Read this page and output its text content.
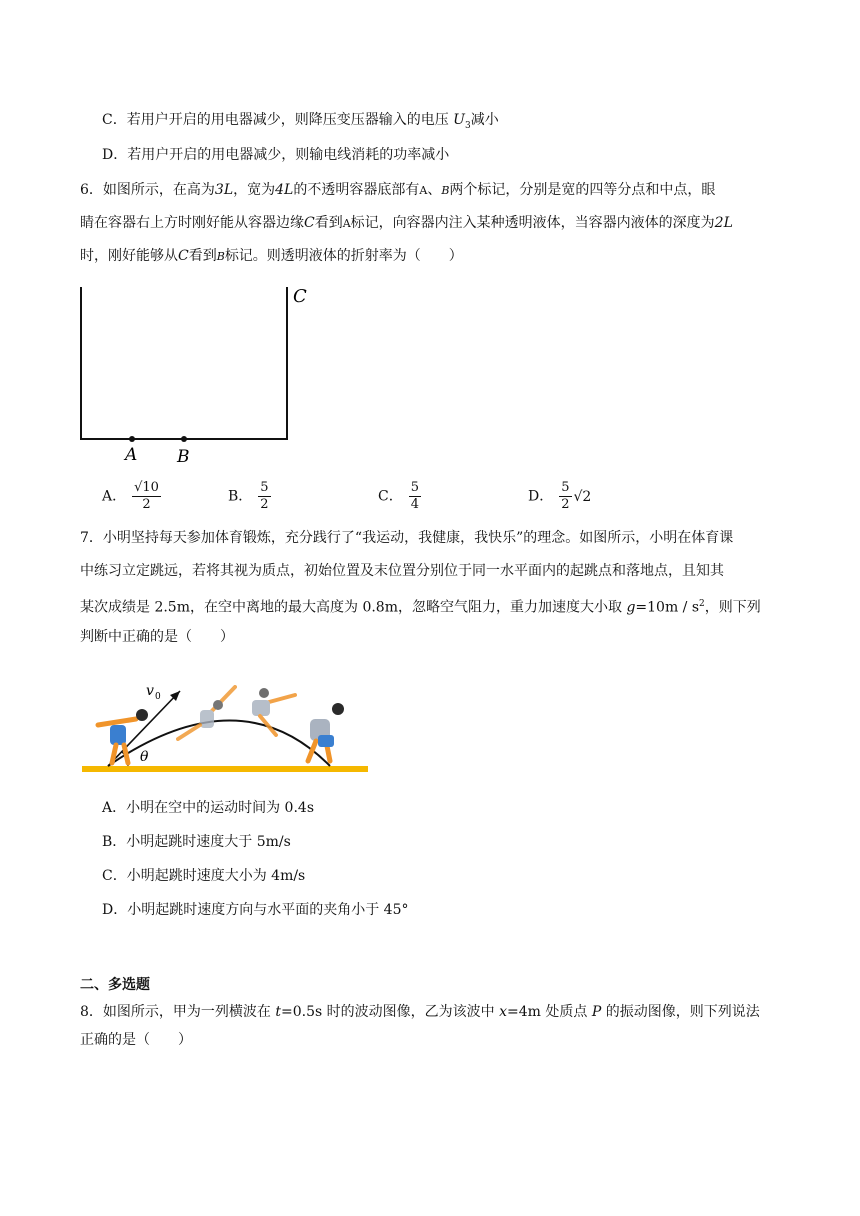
C．若用户开启的用电器减少，则降压变压器输入的电压 $U_3$减小
D．若用户开启的用电器减少，则输电线消耗的功率减小
6．如图所示，在高为3L，宽为4L的不透明容器底部有A、B两个标记，分别是宽的四等分点和中点，眼
睛在容器右上方时刚好能从容器边缘C看到A标记，向容器内注入某种透明液体，当容器内液体的深度为2L
时，刚好能够从C看到B标记。则透明液体的折射率为（　　）
C
A B
A． $\frac{√10}{2}$	B． $\frac{5}{2}$	C． $\frac{5}{4}$	D． $\frac{5}{2} √2$
7．小明坚持每天参加体育锻炼，充分践行了“我运动，我健康，我快乐”的理念。如图所示，小明在体育课
中练习立定跳远，若将其视为质点，初始位置及末位置分别位于同一水平面内的起跳点和落地点，且知其
某次成绩是 2.5m，在空中离地的最大高度为 0.8m，忽略空气阻力，重力加速度大小取 $g=10m / s^2$，则下列
判断中正确的是（　　）
v 0
θ
A．小明在空中的运动时间为 0.4s
B．小明起跳时速度大于 5m/s
C．小明起跳时速度大小为 4m/s
D．小明起跳时速度方向与水平面的夹角小于 45°
二、多选题
8．如图所示，甲为一列横波在 t=0.5s 时的波动图像，乙为该波中 x=4m 处质点 P 的振动图像，则下列说法
正确的是（　　）
